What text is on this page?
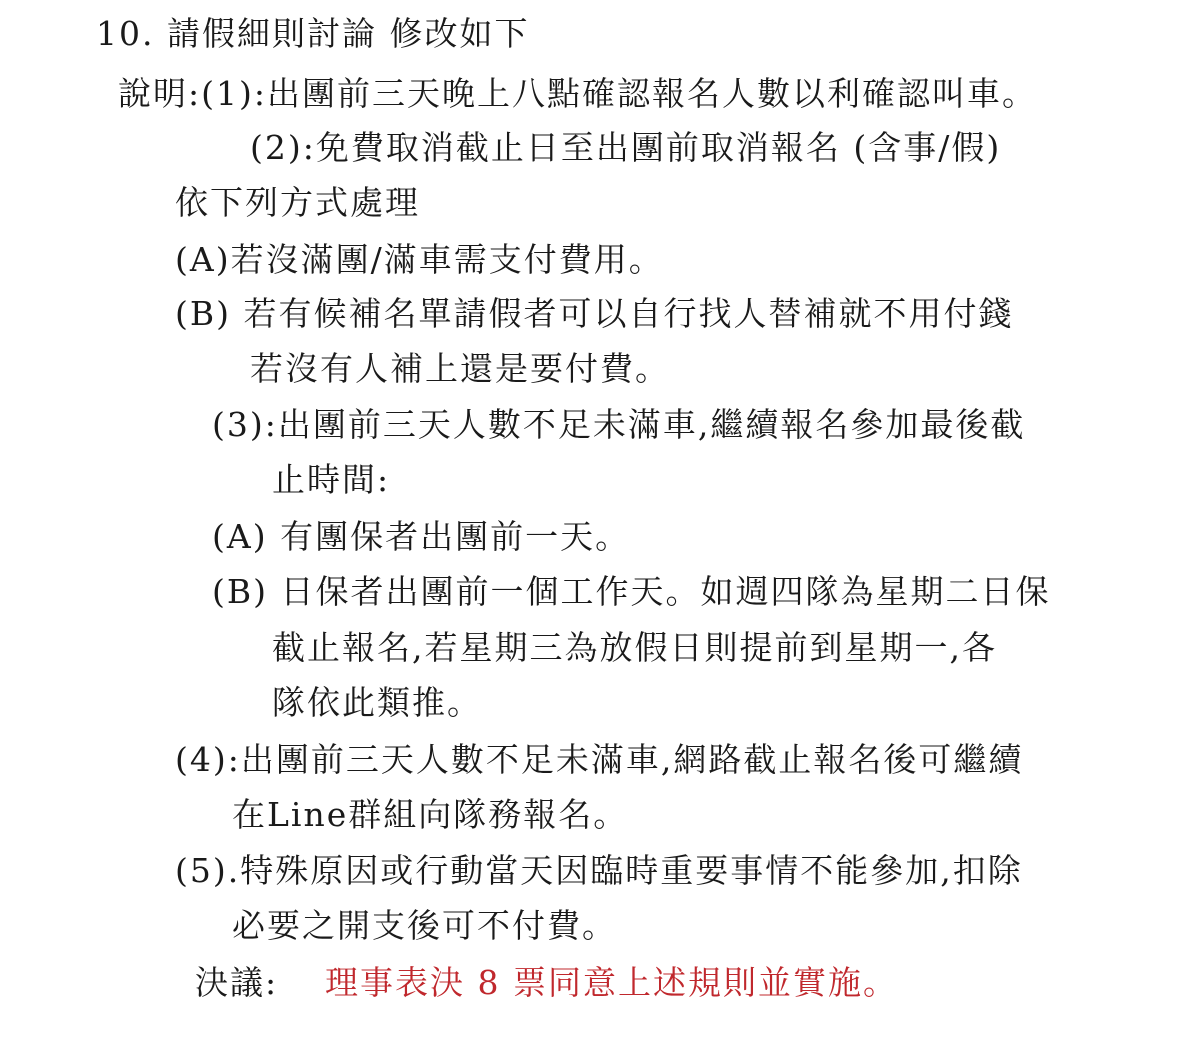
10. 請假細則討論 修改如下
說明:(1):出團前三天晚上八點確認報名人數以利確認叫車。
(2):免費取消截止日至出團前取消報名 (含事/假)
依下列方式處理
(A)若沒滿團/滿車需支付費用。
(B) 若有候補名單請假者可以自行找人替補就不用付錢
若沒有人補上還是要付費。
(3):出團前三天人數不足未滿車,繼續報名參加最後截
止時間:
(A) 有團保者出團前一天。
(B) 日保者出團前一個工作天。如週四隊為星期二日保
截止報名,若星期三為放假日則提前到星期一,各
隊依此類推。
(4):出團前三天人數不足未滿車,網路截止報名後可繼續
在Line群組向隊務報名。
(5).特殊原因或行動當天因臨時重要事情不能參加,扣除
必要之開支後可不付費。
決議: 理事表決 8 票同意上述規則並實施。
